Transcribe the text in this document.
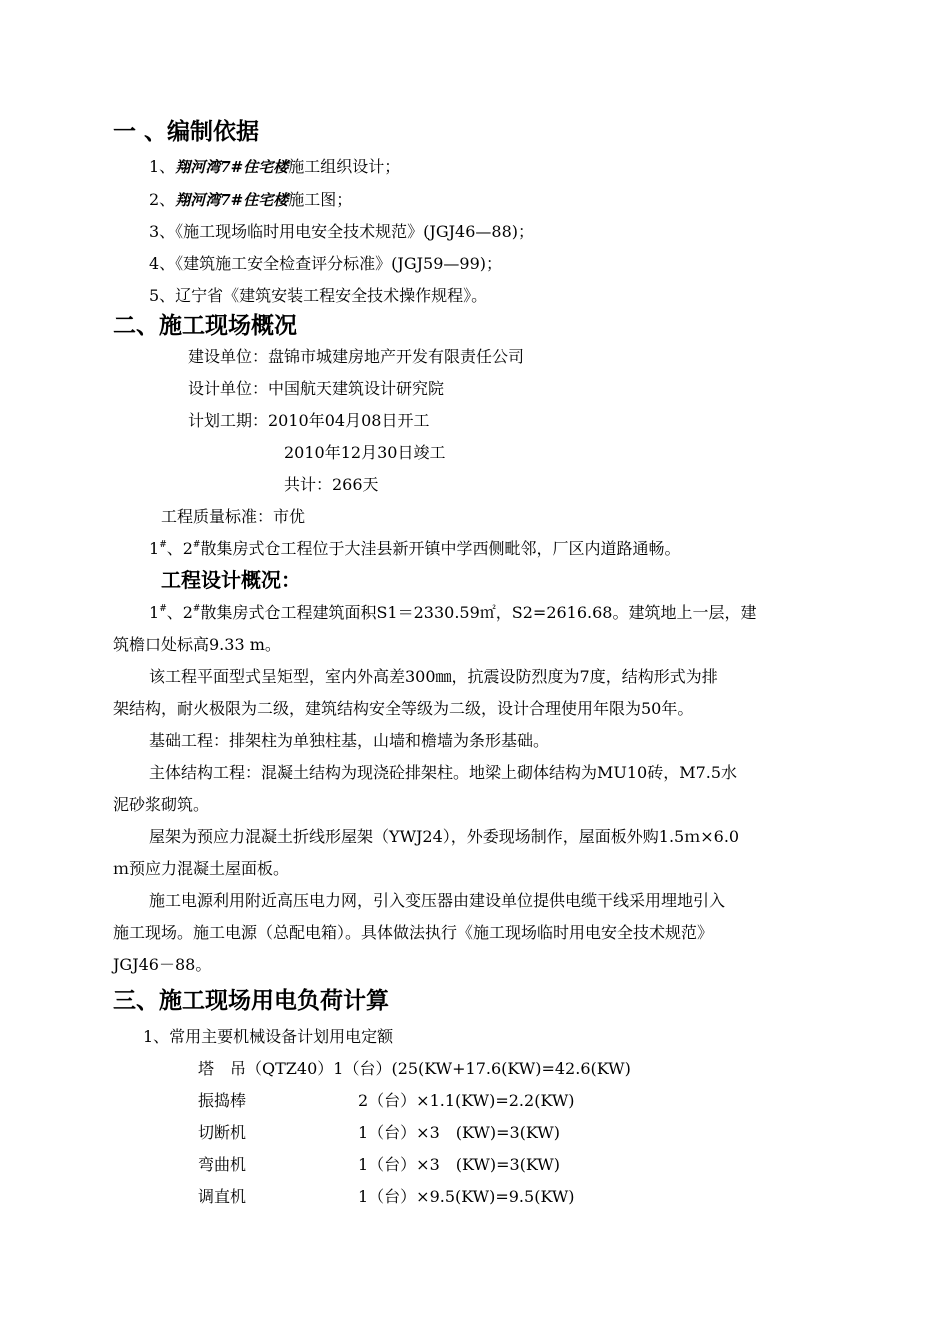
一 、编制依据
1、翔河湾7#住宅楼施工组织设计；
2、翔河湾7#住宅楼施工图；
3、《施工现场临时用电安全技术规范》(JGJ46—88)；
4、《建筑施工安全检查评分标准》(JGJ59—99)；
5、辽宁省《建筑安装工程安全技术操作规程》。
二、施工现场概况
建设单位：盘锦市城建房地产开发有限责任公司
设计单位：中国航天建筑设计研究院
计划工期：2010年04月08日开工
2010年12月30日竣工
共计：266天
工程质量标准：市优
1#、2#散集房式仓工程位于大洼县新开镇中学西侧毗邻，厂区内道路通畅。
工程设计概况：
1#、2#散集房式仓工程建筑面积S1＝2330.59㎡，S2=2616.68。建筑地上一层，建
筑檐口处标高9.33 m。
该工程平面型式呈矩型，室内外高差300㎜，抗震设防烈度为7度，结构形式为排
架结构，耐火极限为二级，建筑结构安全等级为二级，设计合理使用年限为50年。
基础工程：排架柱为单独柱基，山墙和檐墙为条形基础。
主体结构工程：混凝土结构为现浇砼排架柱。地梁上砌体结构为MU10砖，M7.5水
泥砂浆砌筑。
屋架为预应力混凝土折线形屋架（YWJ24），外委现场制作，屋面板外购1.5ｍ×6.0
ｍ预应力混凝土屋面板。
施工电源利用附近高压电力网，引入变压器由建设单位提供电缆干线采用埋地引入
施工现场。施工电源（总配电箱）。具体做法执行《施工现场临时用电安全技术规范》
JGJ46－88。
三、施工现场用电负荷计算
1、常用主要机械设备计划用电定额
塔　吊（QTZ40）1（台）(25(KW+17.6(KW)=42.6(KW)
振捣棒	2（台）×1.1(KW)=2.2(KW)
切断机	1（台）×3　(KW)=3(KW)
弯曲机	1（台）×3　(KW)=3(KW)
调直机	1（台）×9.5(KW)=9.5(KW)
